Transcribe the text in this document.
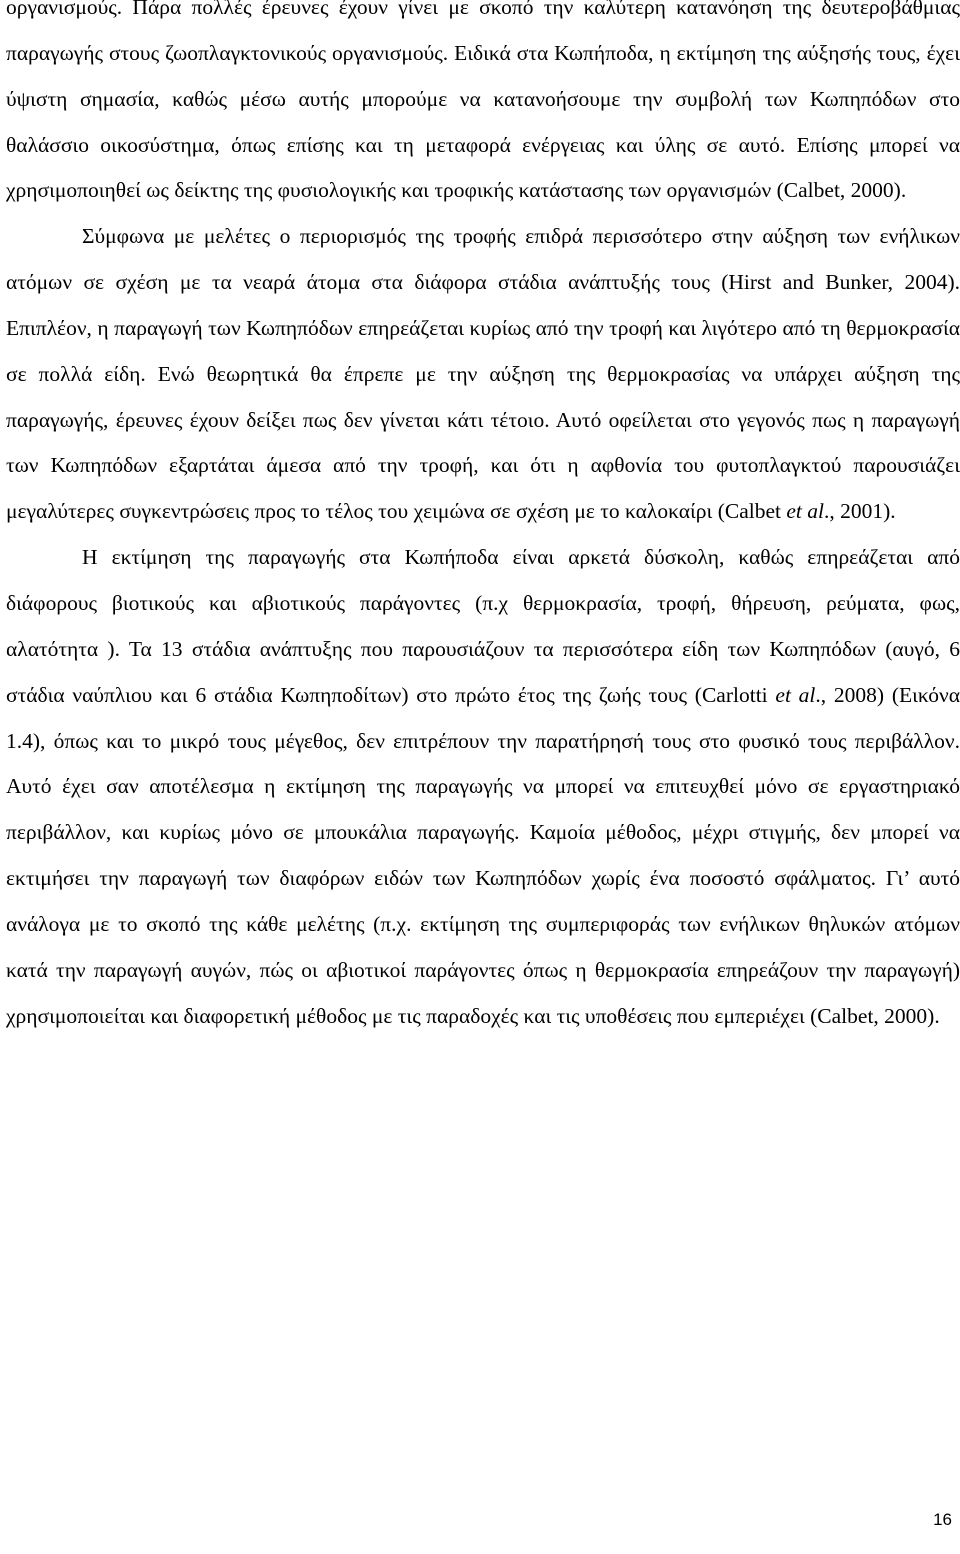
οργανισμούς. Πάρα πολλές έρευνες έχουν γίνει με σκοπό την καλύτερη κατανόηση της δευτεροβάθμιας παραγωγής στους ζωοπλαγκτονικούς οργανισμούς. Ειδικά στα Κωπήποδα, η εκτίμηση της αύξησής τους, έχει ύψιστη σημασία, καθώς μέσω αυτής μπορούμε να κατανοήσουμε την συμβολή των Κωπηπόδων στο θαλάσσιο οικοσύστημα, όπως επίσης και τη μεταφορά ενέργειας και ύλης σε αυτό. Επίσης μπορεί να χρησιμοποιηθεί ως δείκτης της φυσιολογικής και τροφικής κατάστασης των οργανισμών (Calbet, 2000).

Σύμφωνα με μελέτες ο περιορισμός της τροφής επιδρά περισσότερο στην αύξηση των ενήλικων ατόμων σε σχέση με τα νεαρά άτομα στα διάφορα στάδια ανάπτυξής τους (Hirst and Bunker, 2004). Επιπλέον, η παραγωγή των Κωπηπόδων επηρεάζεται κυρίως από την τροφή και λιγότερο από τη θερμοκρασία σε πολλά είδη. Ενώ θεωρητικά θα έπρεπε με την αύξηση της θερμοκρασίας να υπάρχει αύξηση της παραγωγής, έρευνες έχουν δείξει πως δεν γίνεται κάτι τέτοιο. Αυτό οφείλεται στο γεγονός πως η παραγωγή των Κωπηπόδων εξαρτάται άμεσα από την τροφή, και ότι η αφθονία του φυτοπλαγκτού παρουσιάζει μεγαλύτερες συγκεντρώσεις προς το τέλος του χειμώνα σε σχέση με το καλοκαίρι (Calbet et al., 2001).

Η εκτίμηση της παραγωγής στα Κωπήποδα είναι αρκετά δύσκολη, καθώς επηρεάζεται από διάφορους βιοτικούς και αβιοτικούς παράγοντες (π.χ θερμοκρασία, τροφή, θήρευση, ρεύματα, φως, αλατότητα ). Τα 13 στάδια ανάπτυξης που παρουσιάζουν τα περισσότερα είδη των Κωπηπόδων (αυγό, 6 στάδια ναύπλιου και 6 στάδια Κωπηποδίτων) στο πρώτο έτος της ζωής τους (Carlotti et al., 2008) (Εικόνα 1.4), όπως και το μικρό τους μέγεθος, δεν επιτρέπουν την παρατήρησή τους στο φυσικό τους περιβάλλον. Αυτό έχει σαν αποτέλεσμα η εκτίμηση της παραγωγής να μπορεί να επιτευχθεί μόνο σε εργαστηριακό περιβάλλον, και κυρίως μόνο σε μπουκάλια παραγωγής. Καμοία μέθοδος, μέχρι στιγμής, δεν μπορεί να εκτιμήσει την παραγωγή των διαφόρων ειδών των Κωπηπόδων χωρίς ένα ποσοστό σφάλματος. Γι’ αυτό ανάλογα με το σκοπό της κάθε μελέτης (π.χ. εκτίμηση της συμπεριφοράς των ενήλικων θηλυκών ατόμων κατά την παραγωγή αυγών, πώς οι αβιοτικοί παράγοντες όπως η θερμοκρασία επηρεάζουν την παραγωγή) χρησιμοποιείται και διαφορετική μέθοδος με τις παραδοχές και τις υποθέσεις που εμπεριέχει (Calbet, 2000).

16
